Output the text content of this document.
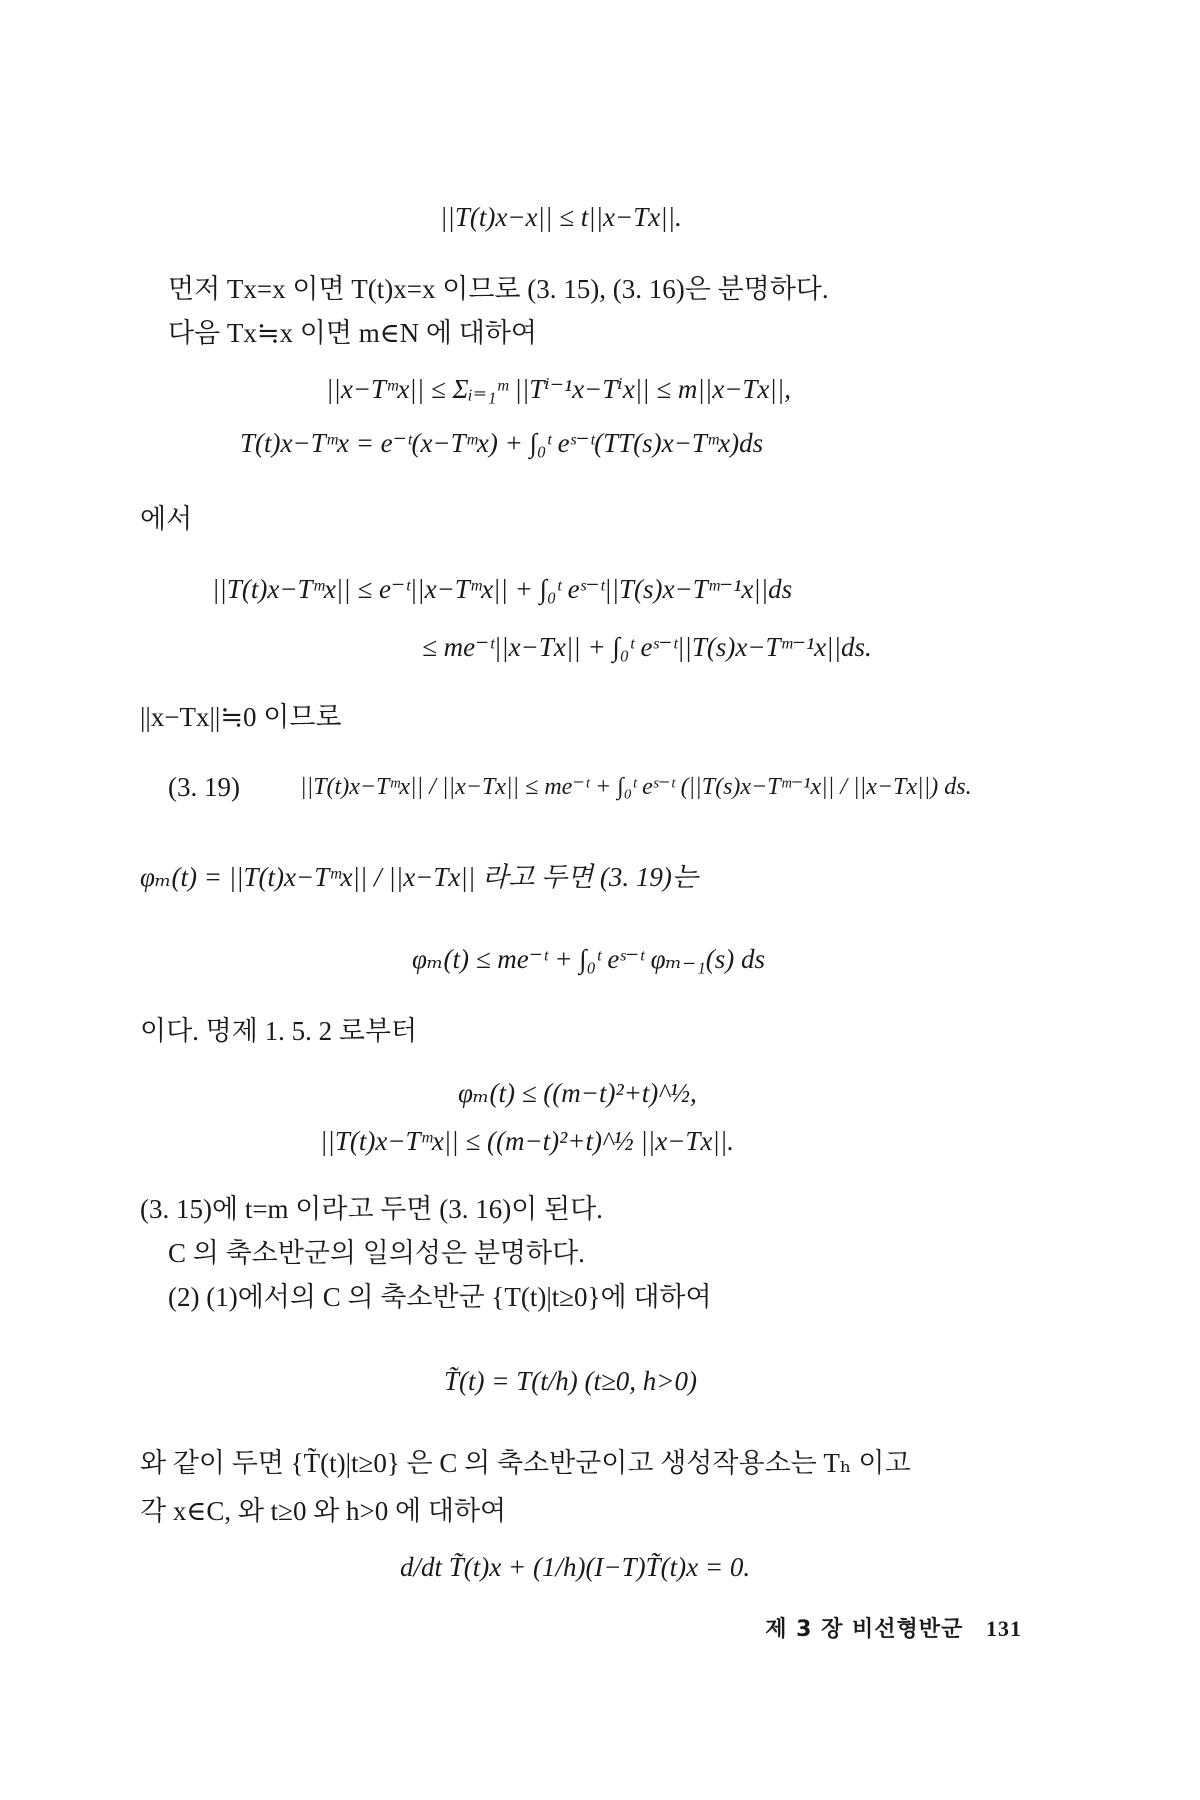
||T(t)x−x|| ≤ t||x−Tx||.
먼저 Tx=x 이면 T(t)x=x 이므로 (3. 15), (3. 16)은 분명하다.
다음 Tx≒x 이면 m∈N 에 대하여
||x−Tᵐx|| ≤ Σᵢ₌₁ᵐ ||Tⁱ⁻¹x−Tⁱx|| ≤ m||x−Tx||,
T(t)x−Tᵐx = e⁻ᵗ(x−Tᵐx) + ∫₀ᵗ eˢ⁻ᵗ(TT(s)x−Tᵐx)ds
에서
||T(t)x−Tᵐx|| ≤ e⁻ᵗ||x−Tᵐx|| + ∫₀ᵗ eˢ⁻ᵗ||T(s)x−Tᵐ⁻¹x||ds
≤ me⁻ᵗ||x−Tx|| + ∫₀ᵗ eˢ⁻ᵗ||T(s)x−Tᵐ⁻¹x||ds.
||x−Tx||≒0 이므로
(3. 19)	||T(t)x−Tᵐx|| / ||x−Tx|| ≤ me⁻ᵗ + ∫₀ᵗ eˢ⁻ᵗ (||T(s)x−Tᵐ⁻¹x|| / ||x−Tx||) ds.
φₘ(t) = ||T(t)x−Tᵐx|| / ||x−Tx|| 라고 두면 (3. 19)는
φₘ(t) ≤ me⁻ᵗ + ∫₀ᵗ eˢ⁻ᵗ φₘ₋₁(s) ds
이다. 명제 1. 5. 2 로부터
φₘ(t) ≤ ((m−t)²+t)^½,
||T(t)x−Tᵐx|| ≤ ((m−t)²+t)^½ ||x−Tx||.
(3. 15)에 t=m 이라고 두면 (3. 16)이 된다.
C 의 축소반군의 일의성은 분명하다.
(2) (1)에서의 C 의 축소반군 {T(t)|t≥0}에 대하여
T̃(t) = T(t/h) (t≥0, h>0)
와 같이 두면 {T̃(t)|t≥0} 은 C 의 축소반군이고 생성작용소는 Tₕ 이고
각 x∈C, 와 t≥0 와 h>0 에 대하여
d/dt T̃(t)x + (1/h)(I−T)T̃(t)x = 0.
제 3 장 비선형반군 131
